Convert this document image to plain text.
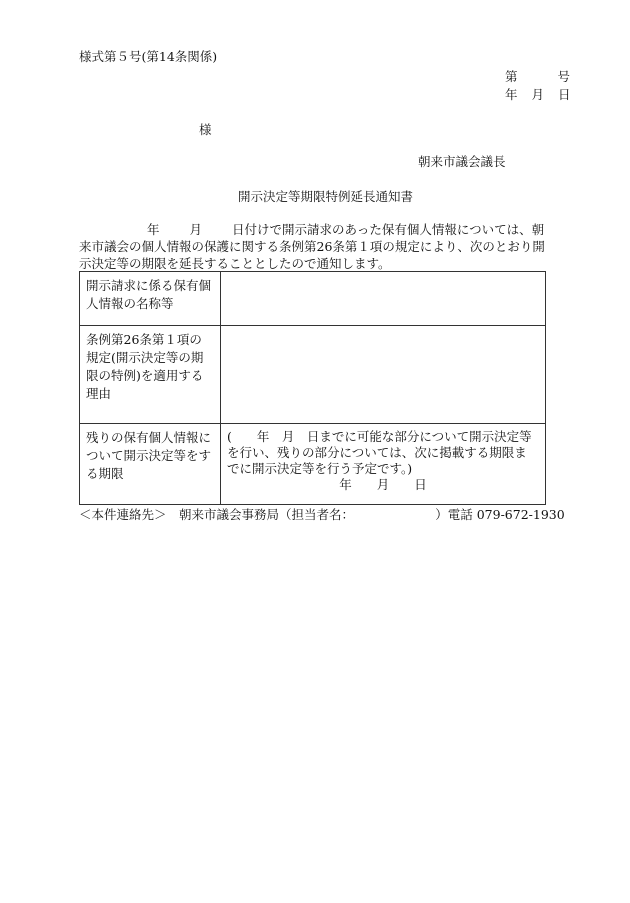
様式第５号(第14条関係)
第	号
年 月 日
様
朝来市議会議長
開示決定等期限特例延長通知書
年 月 日付けで開示請求のあった保有個人情報については、朝来市議会の個人情報の保護に関する条例第26条第１項の規定により、次のとおり開示決定等の期限を延長することとしたので通知します。
開示請求に係る保有個人情報の名称等	
条例第26条第１項の規定(開示決定等の期限の特例)を適用する理由	
残りの保有個人情報について開示決定等をする期限	(　　年　月　日までに可能な部分について開示決定等を行い、残りの部分については、次に掲載する期限までに開示決定等を行う予定です。)
年　　月　　日
＜本件連絡先＞　朝来市議会事務局（担当者名：　　　　　　　）電話 079-672-1930
